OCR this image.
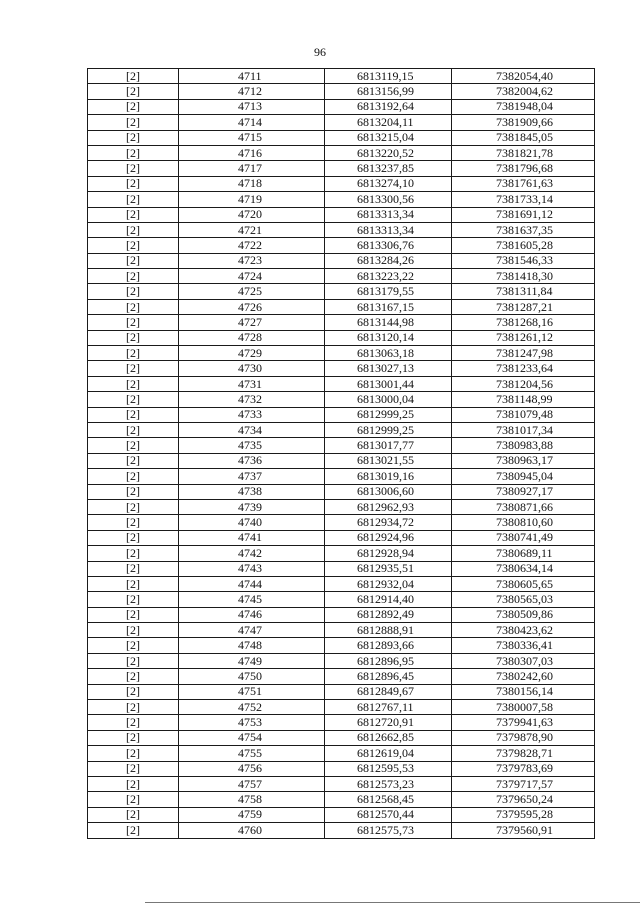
96
[2]	4711	6813119,15	7382054,40
[2]	4712	6813156,99	7382004,62
[2]	4713	6813192,64	7381948,04
[2]	4714	6813204,11	7381909,66
[2]	4715	6813215,04	7381845,05
[2]	4716	6813220,52	7381821,78
[2]	4717	6813237,85	7381796,68
[2]	4718	6813274,10	7381761,63
[2]	4719	6813300,56	7381733,14
[2]	4720	6813313,34	7381691,12
[2]	4721	6813313,34	7381637,35
[2]	4722	6813306,76	7381605,28
[2]	4723	6813284,26	7381546,33
[2]	4724	6813223,22	7381418,30
[2]	4725	6813179,55	7381311,84
[2]	4726	6813167,15	7381287,21
[2]	4727	6813144,98	7381268,16
[2]	4728	6813120,14	7381261,12
[2]	4729	6813063,18	7381247,98
[2]	4730	6813027,13	7381233,64
[2]	4731	6813001,44	7381204,56
[2]	4732	6813000,04	7381148,99
[2]	4733	6812999,25	7381079,48
[2]	4734	6812999,25	7381017,34
[2]	4735	6813017,77	7380983,88
[2]	4736	6813021,55	7380963,17
[2]	4737	6813019,16	7380945,04
[2]	4738	6813006,60	7380927,17
[2]	4739	6812962,93	7380871,66
[2]	4740	6812934,72	7380810,60
[2]	4741	6812924,96	7380741,49
[2]	4742	6812928,94	7380689,11
[2]	4743	6812935,51	7380634,14
[2]	4744	6812932,04	7380605,65
[2]	4745	6812914,40	7380565,03
[2]	4746	6812892,49	7380509,86
[2]	4747	6812888,91	7380423,62
[2]	4748	6812893,66	7380336,41
[2]	4749	6812896,95	7380307,03
[2]	4750	6812896,45	7380242,60
[2]	4751	6812849,67	7380156,14
[2]	4752	6812767,11	7380007,58
[2]	4753	6812720,91	7379941,63
[2]	4754	6812662,85	7379878,90
[2]	4755	6812619,04	7379828,71
[2]	4756	6812595,53	7379783,69
[2]	4757	6812573,23	7379717,57
[2]	4758	6812568,45	7379650,24
[2]	4759	6812570,44	7379595,28
[2]	4760	6812575,73	7379560,91
